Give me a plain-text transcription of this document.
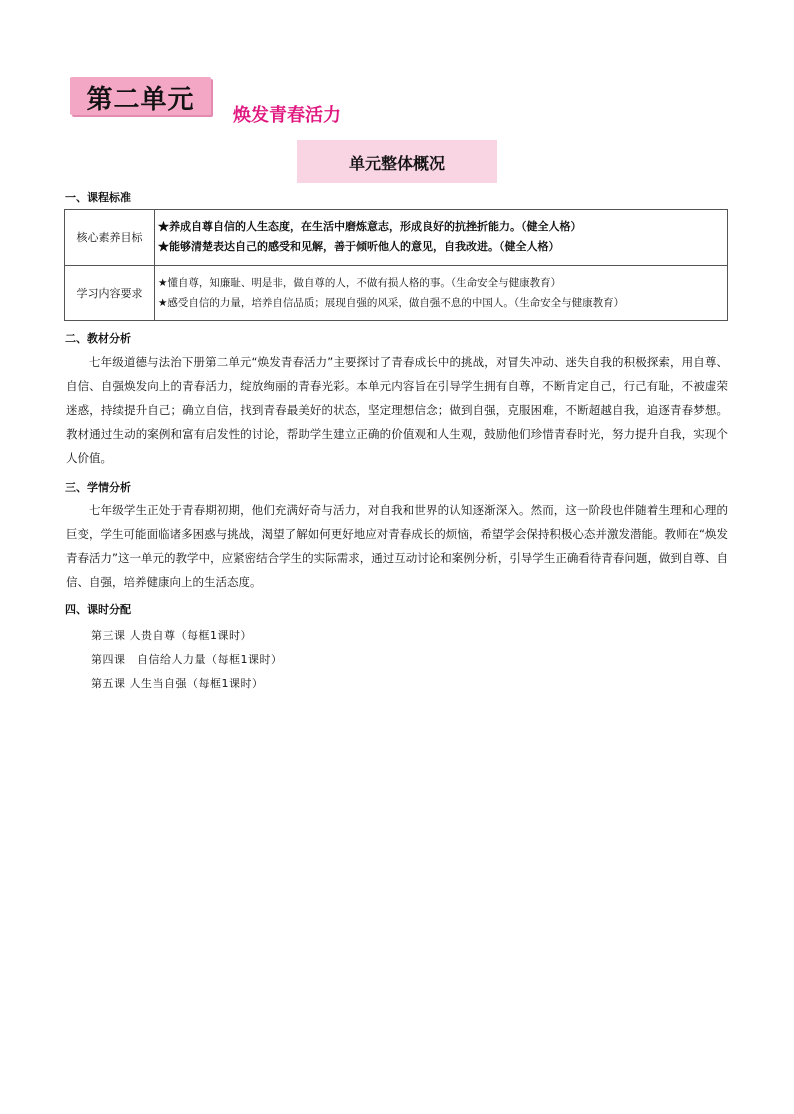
第二单元
焕发青春活力
单元整体概况
一、课程标准
核心素养目标	★养成自尊自信的人生态度，在生活中磨炼意志，形成良好的抗挫折能力。（健全人格）
★能够清楚表达自己的感受和见解，善于倾听他人的意见，自我改进。（健全人格）

学习内容要求	★懂自尊，知廉耻、明是非，做自尊的人，不做有损人格的事。（生命安全与健康教育）
★感受自信的力量，培养自信品质；展现自强的风采，做自强不息的中国人。（生命安全与健康教育）
二、教材分析

七年级道德与法治下册第二单元“焕发青春活力”主要探讨了青春成长中的挑战，对冒失冲动、迷失自我的积极探索，用自尊、自信、自强焕发向上的青春活力，绽放绚丽的青春光彩。本单元内容旨在引导学生拥有自尊，不断肯定自己，行己有耻，不被虚荣迷惑，持续提升自己；确立自信，找到青春最美好的状态，坚定理想信念；做到自强，克服困难，不断超越自我，追逐青春梦想。教材通过生动的案例和富有启发性的讨论，帮助学生建立正确的价值观和人生观，鼓励他们珍惜青春时光，努力提升自我，实现个人价值。

三、学情分析

七年级学生正处于青春期初期，他们充满好奇与活力，对自我和世界的认知逐渐深入。然而，这一阶段也伴随着生理和心理的巨变，学生可能面临诸多困惑与挑战，渴望了解如何更好地应对青春成长的烦恼，希望学会保持积极心态并激发潜能。教师在“焕发青春活力”这一单元的教学中，应紧密结合学生的实际需求，通过互动讨论和案例分析，引导学生正确看待青春问题，做到自尊、自信、自强，培养健康向上的生活态度。

四、课时分配
第三课 人贵自尊（每框1课时）
第四课　自信给人力量（每框1课时）
第五课 人生当自强（每框1课时）
